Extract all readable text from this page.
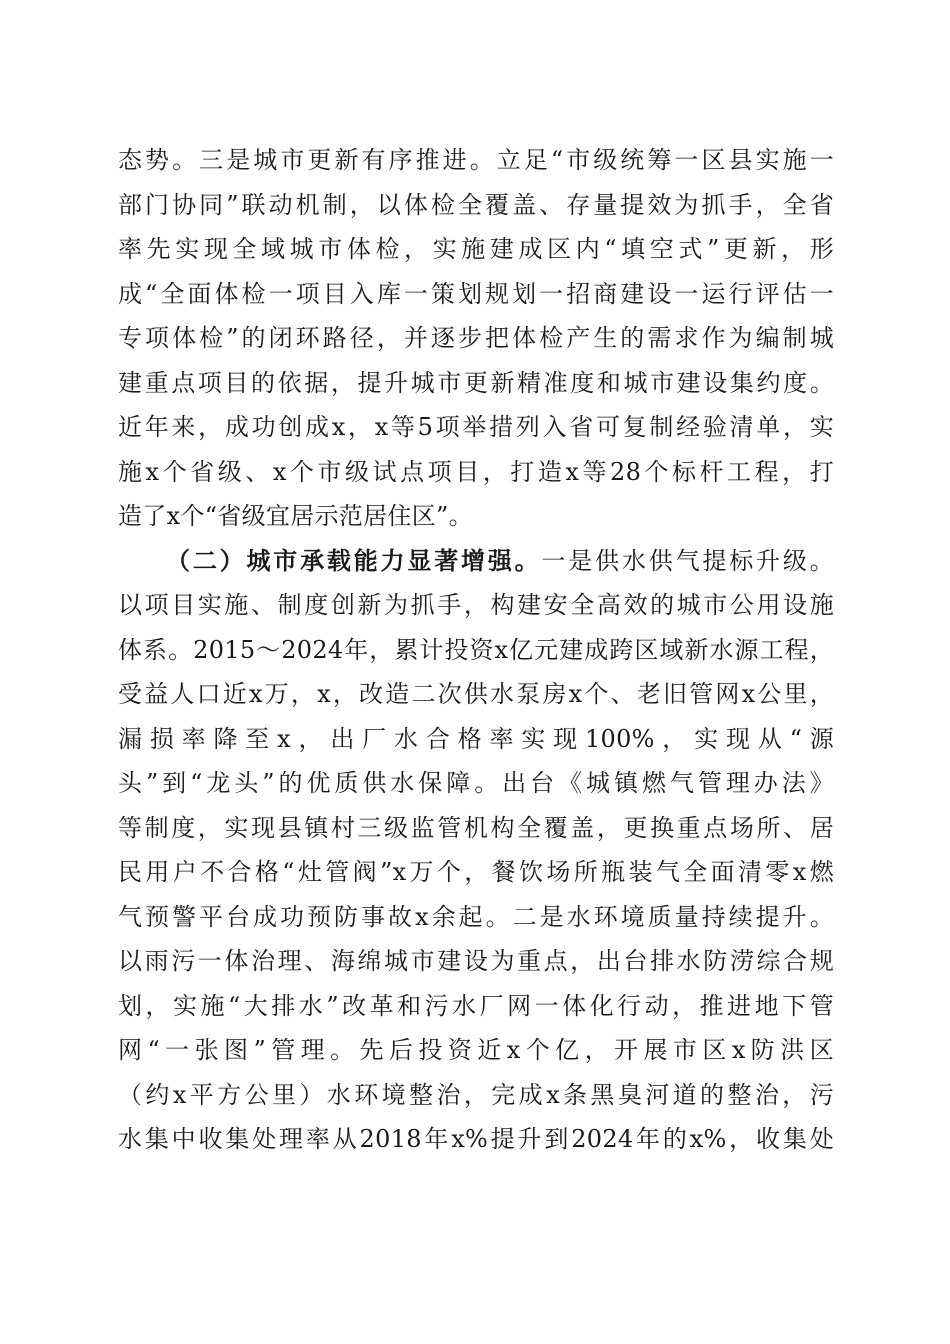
态势。三是城市更新有序推进。立足“市级统筹一区县实施一
部门协同”联动机制，以体检全覆盖、存量提效为抓手，全省
率先实现全域城市体检，实施建成区内“填空式”更新，形
成“全面体检一项目入库一策划规划一招商建设一运行评估一
专项体检”的闭环路径，并逐步把体检产生的需求作为编制城
建重点项目的依据，提升城市更新精准度和城市建设集约度。
近年来，成功创成x，x等5项举措列入省可复制经验清单，实
施x个省级、x个市级试点项目，打造x等28个标杆工程，打
造了x个“省级宜居示范居住区”。
（二）城市承载能力显著增强。一是供水供气提标升级。
以项目实施、制度创新为抓手，构建安全高效的城市公用设施
体系。2015～2024年，累计投资x亿元建成跨区域新水源工程，
受益人口近x万，x，改造二次供水泵房x个、老旧管网x公里，
漏损率降至x，出厂水合格率实现100%，实现从“源
头”到“龙头”的优质供水保障。出台《城镇燃气管理办法》
等制度，实现县镇村三级监管机构全覆盖，更换重点场所、居
民用户不合格“灶管阀”x万个，餐饮场所瓶装气全面清零x燃
气预警平台成功预防事故x余起。二是水环境质量持续提升。
以雨污一体治理、海绵城市建设为重点，出台排水防涝综合规
划，实施“大排水”改革和污水厂网一体化行动，推进地下管
网“一张图”管理。先后投资近x个亿，开展市区x防洪区
（约x平方公里）水环境整治，完成x条黑臭河道的整治，污
水集中收集处理率从2018年x%提升到2024年的x%，收集处
